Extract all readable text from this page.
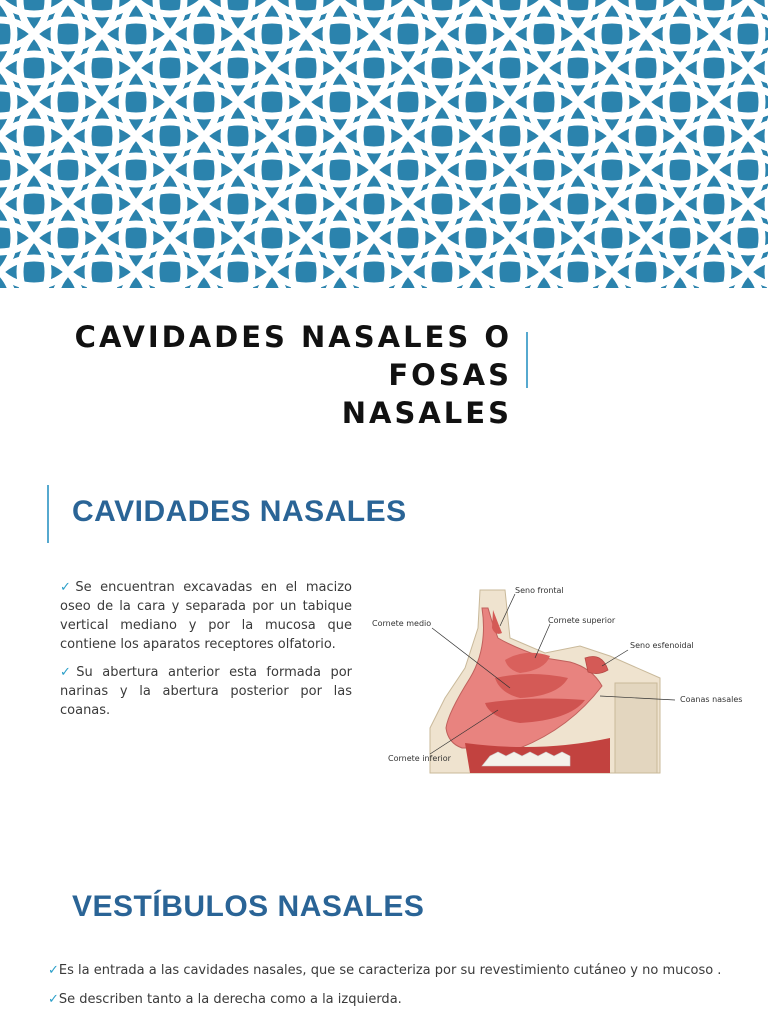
CAVIDADES NASALES O FOSAS
NASALES
CAVIDADES NASALES

✓Se encuentran excavadas en el macizo oseo de la cara y separada por un tabique vertical mediano y por la mucosa que contiene los aparatos receptores olfatorio.

✓Su abertura anterior esta formada por narinas y la abertura posterior por las coanas.

Seno frontal
Cornete superior
Cornete medio
Seno esfenoidal
Coanas nasales
Cornete inferior
VESTÍBULOS NASALES

✓Es la entrada a las cavidades nasales, que se caracteriza por su revestimiento cutáneo y no mucoso .

✓Se describen tanto a la derecha como a la izquierda.
